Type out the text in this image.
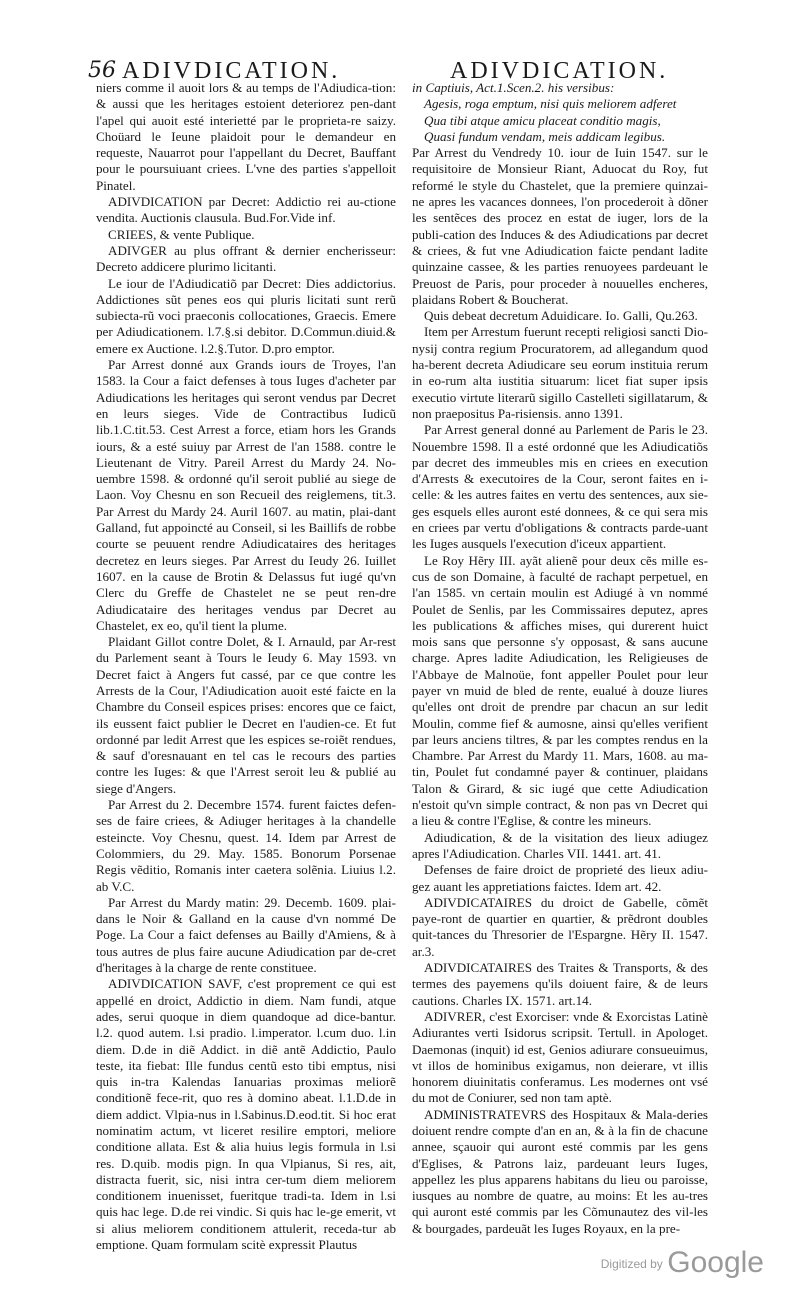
56 ADIVDICATION.	ADIVDICATION.

niers comme il auoit lors & au temps de l'Adiudica-tion: & aussi que les heritages estoient deteriorez pen-dant l'apel qui auoit esté interietté par le proprieta-re saizy. Choüard le Ieune plaidoit pour le demandeur en requeste, Nauarrot pour l'appellant du Decret, Bauffant pour le poursuiuant criees. L'vne des parties s'appelloit Pinatel.

ADIVDICATION par Decret: Addictio rei au-ctione vendita. Auctionis clausula. Bud.For.Vide inf.

CRIEES, & vente Publique.

ADIVGER au plus offrant & dernier encherisseur: Decreto addicere plurimo licitanti.

Le iour de l'Adiudicatiõ par Decret: Dies addictorius. Addictiones sũt penes eos qui pluris licitati sunt rerũ subiecta-rũ voci praeconis collocationes, Graecis. Emere per Adiudicationem. l.7.§.si debitor. D.Commun.diuid.& emere ex Auctione. l.2.§.Tutor. D.pro emptor.

Par Arrest donné aux Grands iours de Troyes, l'an 1583. la Cour a faict defenses à tous Iuges d'acheter par Adiudications les heritages qui seront vendus par Decret en leurs sieges. Vide de Contractibus Iudicũ lib.1.C.tit.53. Cest Arrest a force, etiam hors les Grands iours, & a esté suiuy par Arrest de l'an 1588. contre le Lieutenant de Vitry. Pareil Arrest du Mardy 24. No-uembre 1598. & ordonné qu'il seroit publié au siege de Laon. Voy Chesnu en son Recueil des reiglemens, tit.3. Par Arrest du Mardy 24. Auril 1607. au matin, plai-dant Galland, fut appoincté au Conseil, si les Baillifs de robbe courte se peuuent rendre Adiudicataires des heritages decretez en leurs sieges. Par Arrest du Ieudy 26. Iuillet 1607. en la cause de Brotin & Delassus fut iugé qu'vn Clerc du Greffe de Chastelet ne se peut ren-dre Adiudicataire des heritages vendus par Decret au Chastelet, ex eo, qu'il tient la plume.

Plaidant Gillot contre Dolet, & I. Arnauld, par Ar-rest du Parlement seant à Tours le Ieudy 6. May 1593. vn Decret faict à Angers fut cassé, par ce que contre les Arrests de la Cour, l'Adiudication auoit esté faicte en la Chambre du Conseil espices prises: encores que ce faict, ils eussent faict publier le Decret en l'audien-ce. Et fut ordonné par ledit Arrest que les espices se-roiẽt rendues, & sauf d'oresnauant en tel cas le recours des parties contre les Iuges: & que l'Arrest seroit leu & publié au siege d'Angers.

Par Arrest du 2. Decembre 1574. furent faictes defen-ses de faire criees, & Adiuger heritages à la chandelle esteincte. Voy Chesnu, quest. 14. Idem par Arrest de Colommiers, du 29. May. 1585. Bonorum Porsenae Regis vẽditio, Romanis inter caetera solẽnia. Liuius l.2. ab V.C.

Par Arrest du Mardy matin: 29. Decemb. 1609. plai-dans le Noir & Galland en la cause d'vn nommé De Poge. La Cour a faict defenses au Bailly d'Amiens, & à tous autres de plus faire aucune Adiudication par de-cret d'heritages à la charge de rente constituee.

ADIVDICATION SAVF, c'est proprement ce qui est appellé en droict, Addictio in diem. Nam fundi, atque ades, serui quoque in diem quandoque ad dice-bantur. l.2. quod autem. l.si pradio. l.imperator. l.cum duo. l.in diem. D.de in diẽ Addict. in diẽ antẽ Addictio, Paulo teste, ita fiebat: Ille fundus centũ esto tibi emptus, nisi quis in-tra Kalendas Ianuarias proximas meliorẽ conditionẽ fece-rit, quo res à domino abeat. l.1.D.de in diem addict. Vlpia-nus in l.Sabinus.D.eod.tit. Si hoc erat nominatim actum, vt liceret resilire emptori, meliore conditione allata. Est & alia huius legis formula in l.si res. D.quib. modis pign. In qua Vlpianus, Si res, ait, distracta fuerit, sic, nisi intra cer-tum diem meliorem conditionem inuenisset, fueritque tradi-ta. Idem in l.si quis hac lege. D.de rei vindic. Si quis hac le-ge emerit, vt si alius meliorem conditionem attulerit, receda-tur ab emptione. Quam formulam scitè expressit Plautus

in Captiuis, Act.1.Scen.2. his versibus:

Agesis, roga emptum, nisi quis meliorem adferet

Qua tibi atque amicu placeat conditio magis,

Quasi fundum vendam, meis addicam legibus.

Par Arrest du Vendredy 10. iour de Iuin 1547. sur le requisitoire de Monsieur Riant, Aduocat du Roy, fut reformé le style du Chastelet, que la premiere quinzai-ne apres les vacances donnees, l'on procederoit à dõner les sentẽces des procez en estat de iuger, lors de la publi-cation des Induces & des Adiudications par decret & criees, & fut vne Adiudication faicte pendant ladite quinzaine cassee, & les parties renuoyees pardeuant le Preuost de Paris, pour proceder à nouuelles encheres, plaidans Robert & Boucherat.

Quis debeat decretum Aduidicare. Io. Galli, Qu.263.

Item per Arrestum fuerunt recepti religiosi sancti Dio-nysij contra regium Procuratorem, ad allegandum quod ha-berent decreta Adiudicare seu eorum instituia rerum in eo-rum alta iustitia situarum: licet fiat super ipsis executio virtute literarũ sigillo Castelleti sigillatarum, & non praepositus Pa-risiensis. anno 1391.

Par Arrest general donné au Parlement de Paris le 23. Nouembre 1598. Il a esté ordonné que les Adiudicatiõs par decret des immeubles mis en criees en execution d'Arrests & executoires de la Cour, seront faites en i-celle: & les autres faites en vertu des sentences, aux sie-ges esquels elles auront esté donnees, & ce qui sera mis en criees par vertu d'obligations & contracts parde-uant les Iuges ausquels l'execution d'iceux appartient.

Le Roy Hẽry III. ayãt alienẽ pour deux cẽs mille es-cus de son Domaine, à faculté de rachapt perpetuel, en l'an 1585. vn certain moulin est Adiugé à vn nommé Poulet de Senlis, par les Commissaires deputez, apres les publications & affiches mises, qui durerent huict mois sans que personne s'y opposast, & sans aucune charge. Apres ladite Adiudication, les Religieuses de l'Abbaye de Malnoüe, font appeller Poulet pour leur payer vn muid de bled de rente, eualué à douze liures qu'elles ont droit de prendre par chacun an sur ledit Moulin, comme fief & aumosne, ainsi qu'elles verifient par leurs anciens tiltres, & par les comptes rendus en la Chambre. Par Arrest du Mardy 11. Mars, 1608. au ma-tin, Poulet fut condamné payer & continuer, plaidans Talon & Girard, & sic iugé que cette Adiudication n'estoit qu'vn simple contract, & non pas vn Decret qui a lieu & contre l'Eglise, & contre les mineurs.

Adiudication, & de la visitation des lieux adiugez apres l'Adiudication. Charles VII. 1441. art. 41.

Defenses de faire droict de proprieté des lieux adiu-gez auant les appretiations faictes. Idem art. 42.

ADIVDICATAIRES du droict de Gabelle, cõmẽt paye-ront de quartier en quartier, & prẽdront doubles quit-tances du Thresorier de l'Espargne. Hẽry II. 1547. ar.3.

ADIVDICATAIRES des Traites & Transports, & des termes des payemens qu'ils doiuent faire, & de leurs cautions. Charles IX. 1571. art.14.

ADIVRER, c'est Exorciser: vnde & Exorcistas Latinè Adiurantes verti Isidorus scripsit. Tertull. in Apologet. Daemonas (inquit) id est, Genios adiurare consueuimus, vt illos de hominibus exigamus, non deierare, vt illis honorem diuinitatis conferamus. Les modernes ont vsé du mot de Coniurer, sed non tam aptè.

ADMINISTRATEVRS des Hospitaux & Mala-deries doiuent rendre compte d'an en an, & à la fin de chacune annee, sçauoir qui auront esté commis par les gens d'Eglises, & Patrons laiz, pardeuant leurs Iuges, appellez les plus apparens habitans du lieu ou paroisse, iusques au nombre de quatre, au moins: Et les au-tres qui auront esté commis par les Cõmunautez des vil-les & bourgades, pardeuãt les Iuges Royaux, en la pre-

$^{Digitized by}$ Google
